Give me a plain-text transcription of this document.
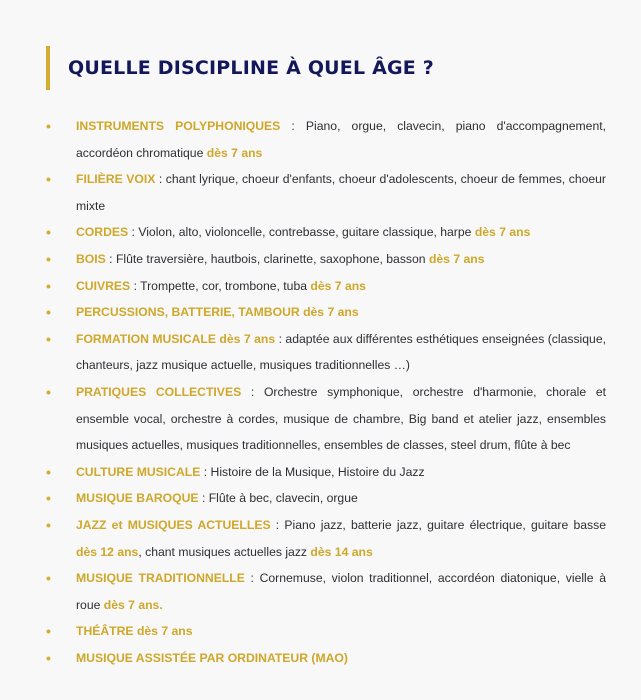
QUELLE DISCIPLINE À QUEL ÂGE ?
• INSTRUMENTS POLYPHONIQUES : Piano, orgue, clavecin, piano d'accompagnement, accordéon chromatique dès 7 ans
• FILIÈRE VOIX : chant lyrique, choeur d'enfants, choeur d'adolescents, choeur de femmes, choeur mixte
• CORDES : Violon, alto, violoncelle, contrebasse, guitare classique, harpe dès 7 ans
• BOIS : Flûte traversière, hautbois, clarinette, saxophone, basson dès 7 ans
• CUIVRES : Trompette, cor, trombone, tuba dès 7 ans
• PERCUSSIONS, BATTERIE, TAMBOUR dès 7 ans
• FORMATION MUSICALE dès 7 ans : adaptée aux différentes esthétiques enseignées (classique, chanteurs, jazz musique actuelle, musiques traditionnelles …)
• PRATIQUES COLLECTIVES : Orchestre symphonique, orchestre d'harmonie, chorale et ensemble vocal, orchestre à cordes, musique de chambre, Big band et atelier jazz, ensembles musiques actuelles, musiques traditionnelles, ensembles de classes, steel drum, flûte à bec
• CULTURE MUSICALE : Histoire de la Musique, Histoire du Jazz
• MUSIQUE BAROQUE : Flûte à bec, clavecin, orgue
• JAZZ et MUSIQUES ACTUELLES : Piano jazz, batterie jazz, guitare électrique, guitare basse dès 12 ans, chant musiques actuelles jazz dès 14 ans
• MUSIQUE TRADITIONNELLE : Cornemuse, violon traditionnel, accordéon diatonique, vielle à roue dès 7 ans.
• THÉÂTRE dès 7 ans
• MUSIQUE ASSISTÉE PAR ORDINATEUR (MAO)
